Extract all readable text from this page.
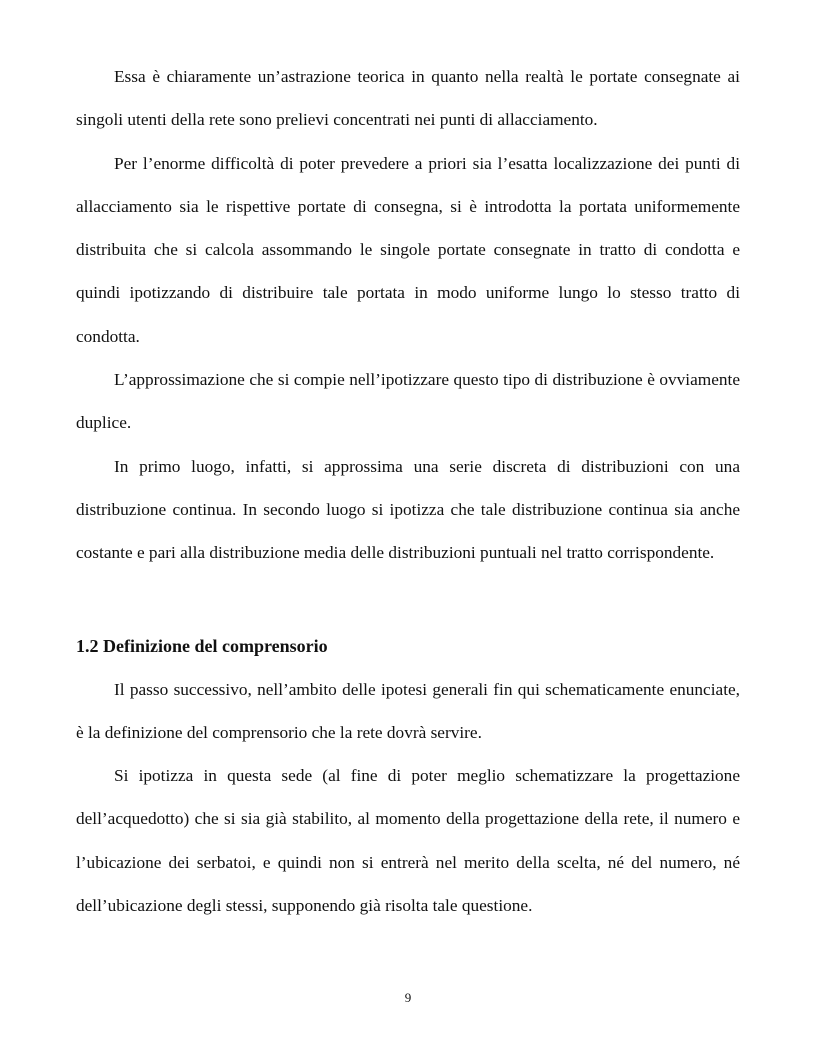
Essa è chiaramente un’astrazione teorica in quanto nella realtà le portate consegnate ai singoli utenti della rete sono prelievi concentrati nei punti di allacciamento.

Per l’enorme difficoltà di poter prevedere a priori sia l’esatta localizzazione dei punti di allacciamento sia le rispettive portate di consegna, si è introdotta la portata uniformemente distribuita che si calcola assommando le singole portate consegnate in tratto di condotta e quindi ipotizzando di distribuire tale portata in modo uniforme lungo lo stesso tratto di condotta.

L’approssimazione che si compie nell’ipotizzare questo tipo di distribuzione è ovviamente duplice.

In primo luogo, infatti, si approssima una serie discreta di distribuzioni con una distribuzione continua. In secondo luogo si ipotizza che tale distribuzione continua sia anche costante e pari alla distribuzione media delle distribuzioni puntuali nel tratto corrispondente.

1.2 Definizione del comprensorio

Il passo successivo, nell’ambito delle ipotesi generali fin qui schematicamente enunciate, è la definizione del comprensorio che la rete dovrà servire.

Si ipotizza in questa sede (al fine di poter meglio schematizzare la progettazione dell’acquedotto) che si sia già stabilito, al momento della progettazione della rete, il numero e l’ubicazione dei serbatoi, e quindi non si entrerà nel merito della scelta, né del numero, né dell’ubicazione degli stessi, supponendo già risolta tale questione.

9
